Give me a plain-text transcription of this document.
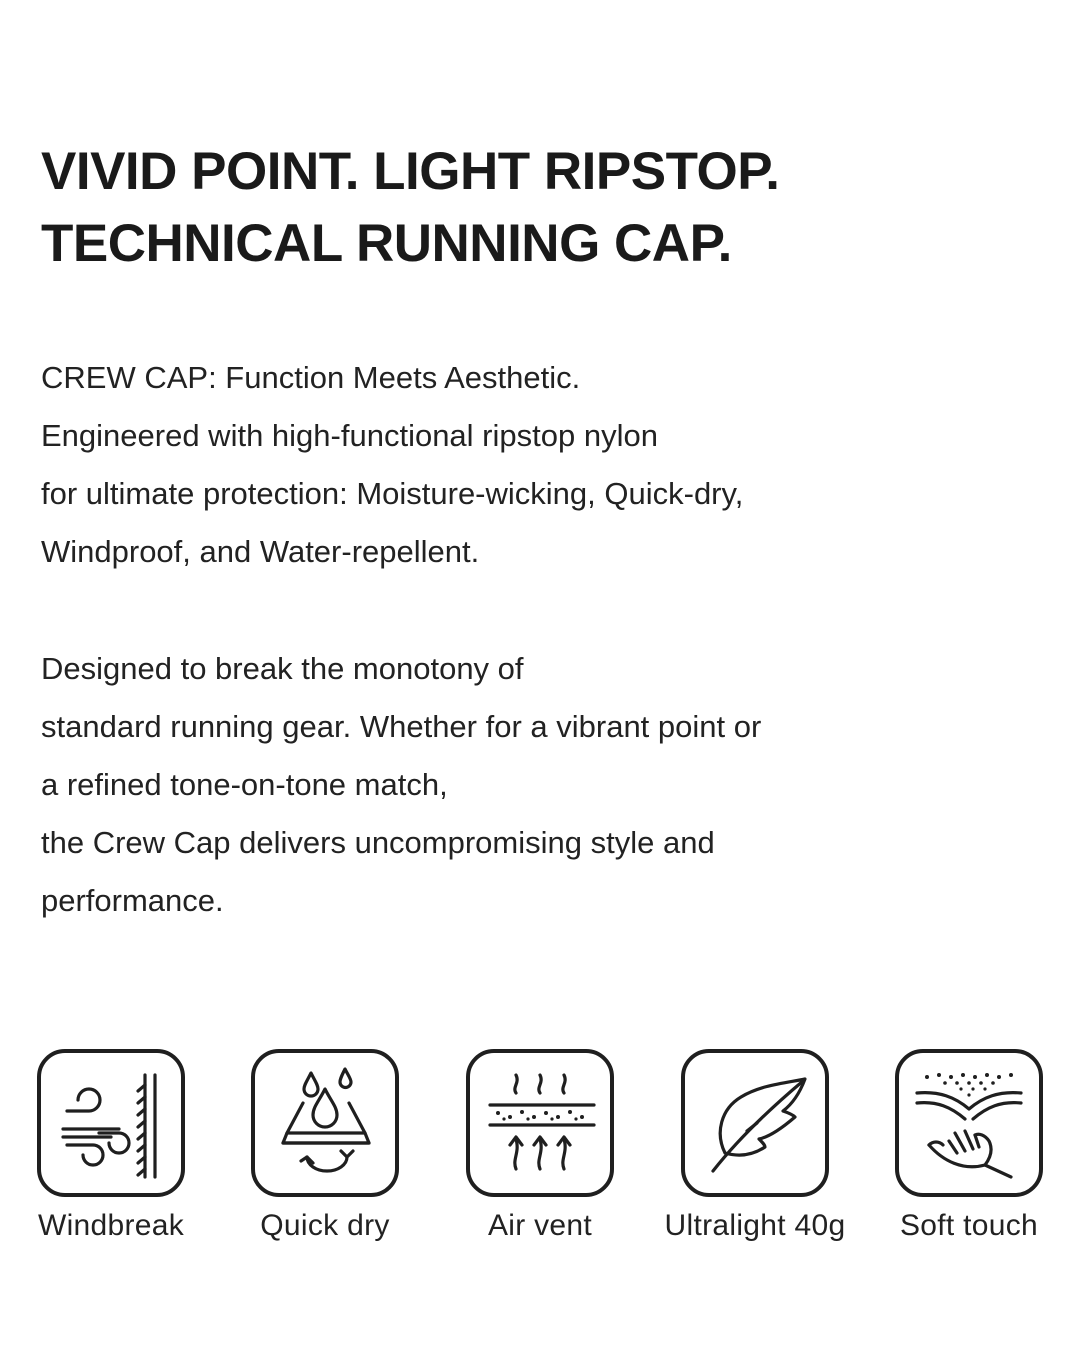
VIVID POINT. LIGHT RIPSTOP.
TECHNICAL RUNNING CAP.

CREW CAP: Function Meets Aesthetic.
Engineered with high-functional ripstop nylon
for ultimate protection: Moisture-wicking, Quick-dry,
Windproof, and Water-repellent.

Designed to break the monotony of
standard running gear. Whether for a vibrant point or
a refined tone-on-tone match,
the Crew Cap delivers uncompromising style and
performance.

Windbreak	Quick dry	Air vent	Ultralight 40g	Soft touch
